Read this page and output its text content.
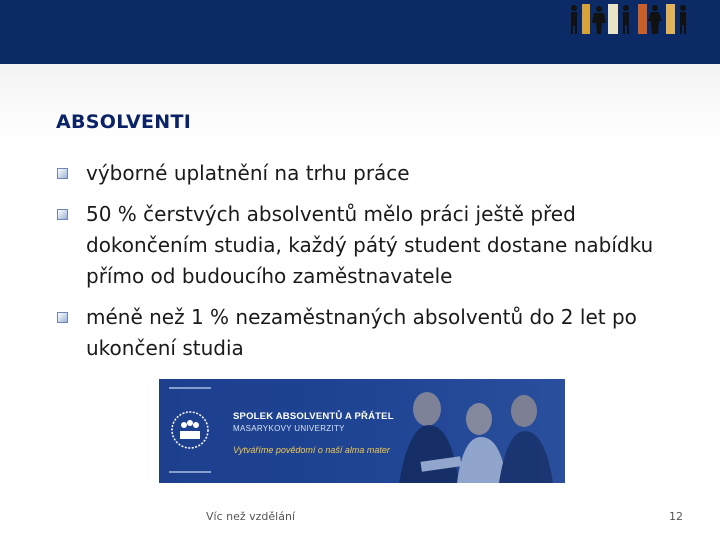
ABSOLVENTI
výborné uplatnění na trhu práce
50 % čerstvých absolventů mělo práci ještě před dokončením studia, každý pátý student dostane nabídku přímo od budoucího zaměstnavatele
méně než 1 % nezaměstnaných absolventů do 2 let po ukončení studia
SPOLEK ABSOLVENTŮ A PŘÁTEL
MASARYKOVY UNIVERZITY
Vytváříme povědomí o naší alma mater
Víc než vzdělání	12
